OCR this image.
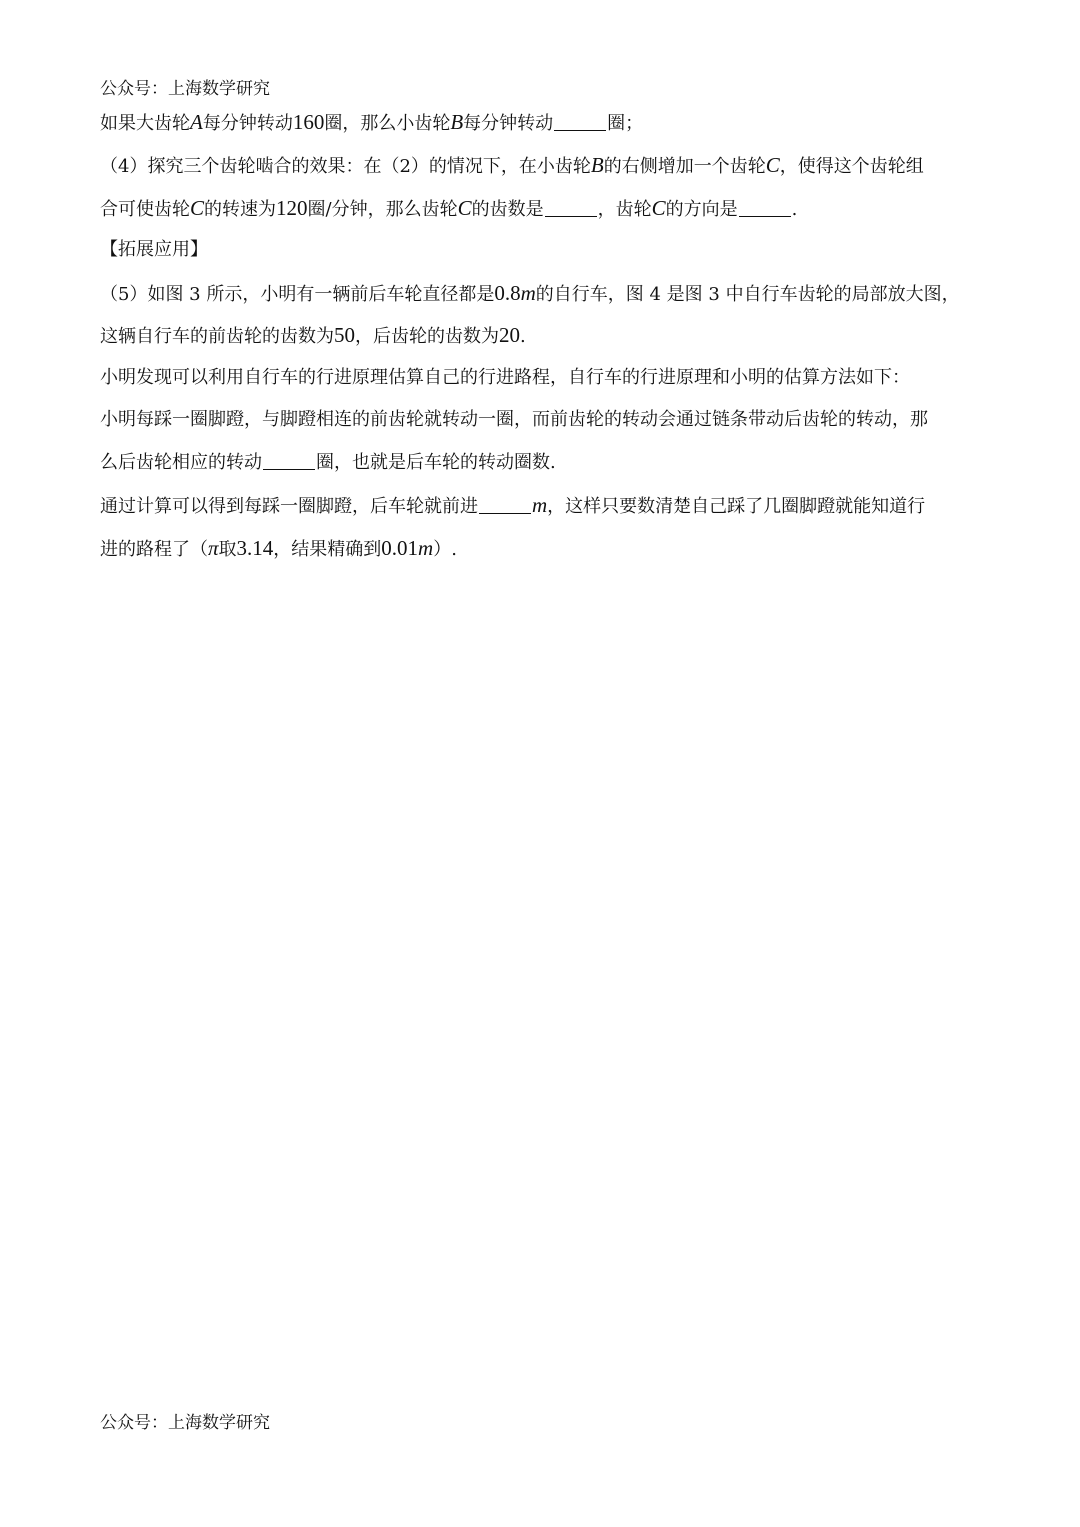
公众号：上海数学研究
如果大齿轮A每分钟转动160圈，那么小齿轮B每分钟转动	圈；
（4）探究三个齿轮啮合的效果：在（2）的情况下，在小齿轮B的右侧增加一个齿轮C，使得这个齿轮组
合可使齿轮C的转速为120圈/分钟，那么齿轮C的齿数是	，齿轮C的方向是	.
【拓展应用】
（5）如图 3 所示，小明有一辆前后车轮直径都是0.8m的自行车，图 4 是图 3 中自行车齿轮的局部放大图，
这辆自行车的前齿轮的齿数为50，后齿轮的齿数为20.
小明发现可以利用自行车的行进原理估算自己的行进路程，自行车的行进原理和小明的估算方法如下：
小明每踩一圈脚蹬，与脚蹬相连的前齿轮就转动一圈，而前齿轮的转动会通过链条带动后齿轮的转动，那
么后齿轮相应的转动	圈，也就是后车轮的转动圈数.
通过计算可以得到每踩一圈脚蹬，后车轮就前进	m，这样只要数清楚自己踩了几圈脚蹬就能知道行
进的路程了（π取3.14，结果精确到0.01m）.
公众号：上海数学研究
